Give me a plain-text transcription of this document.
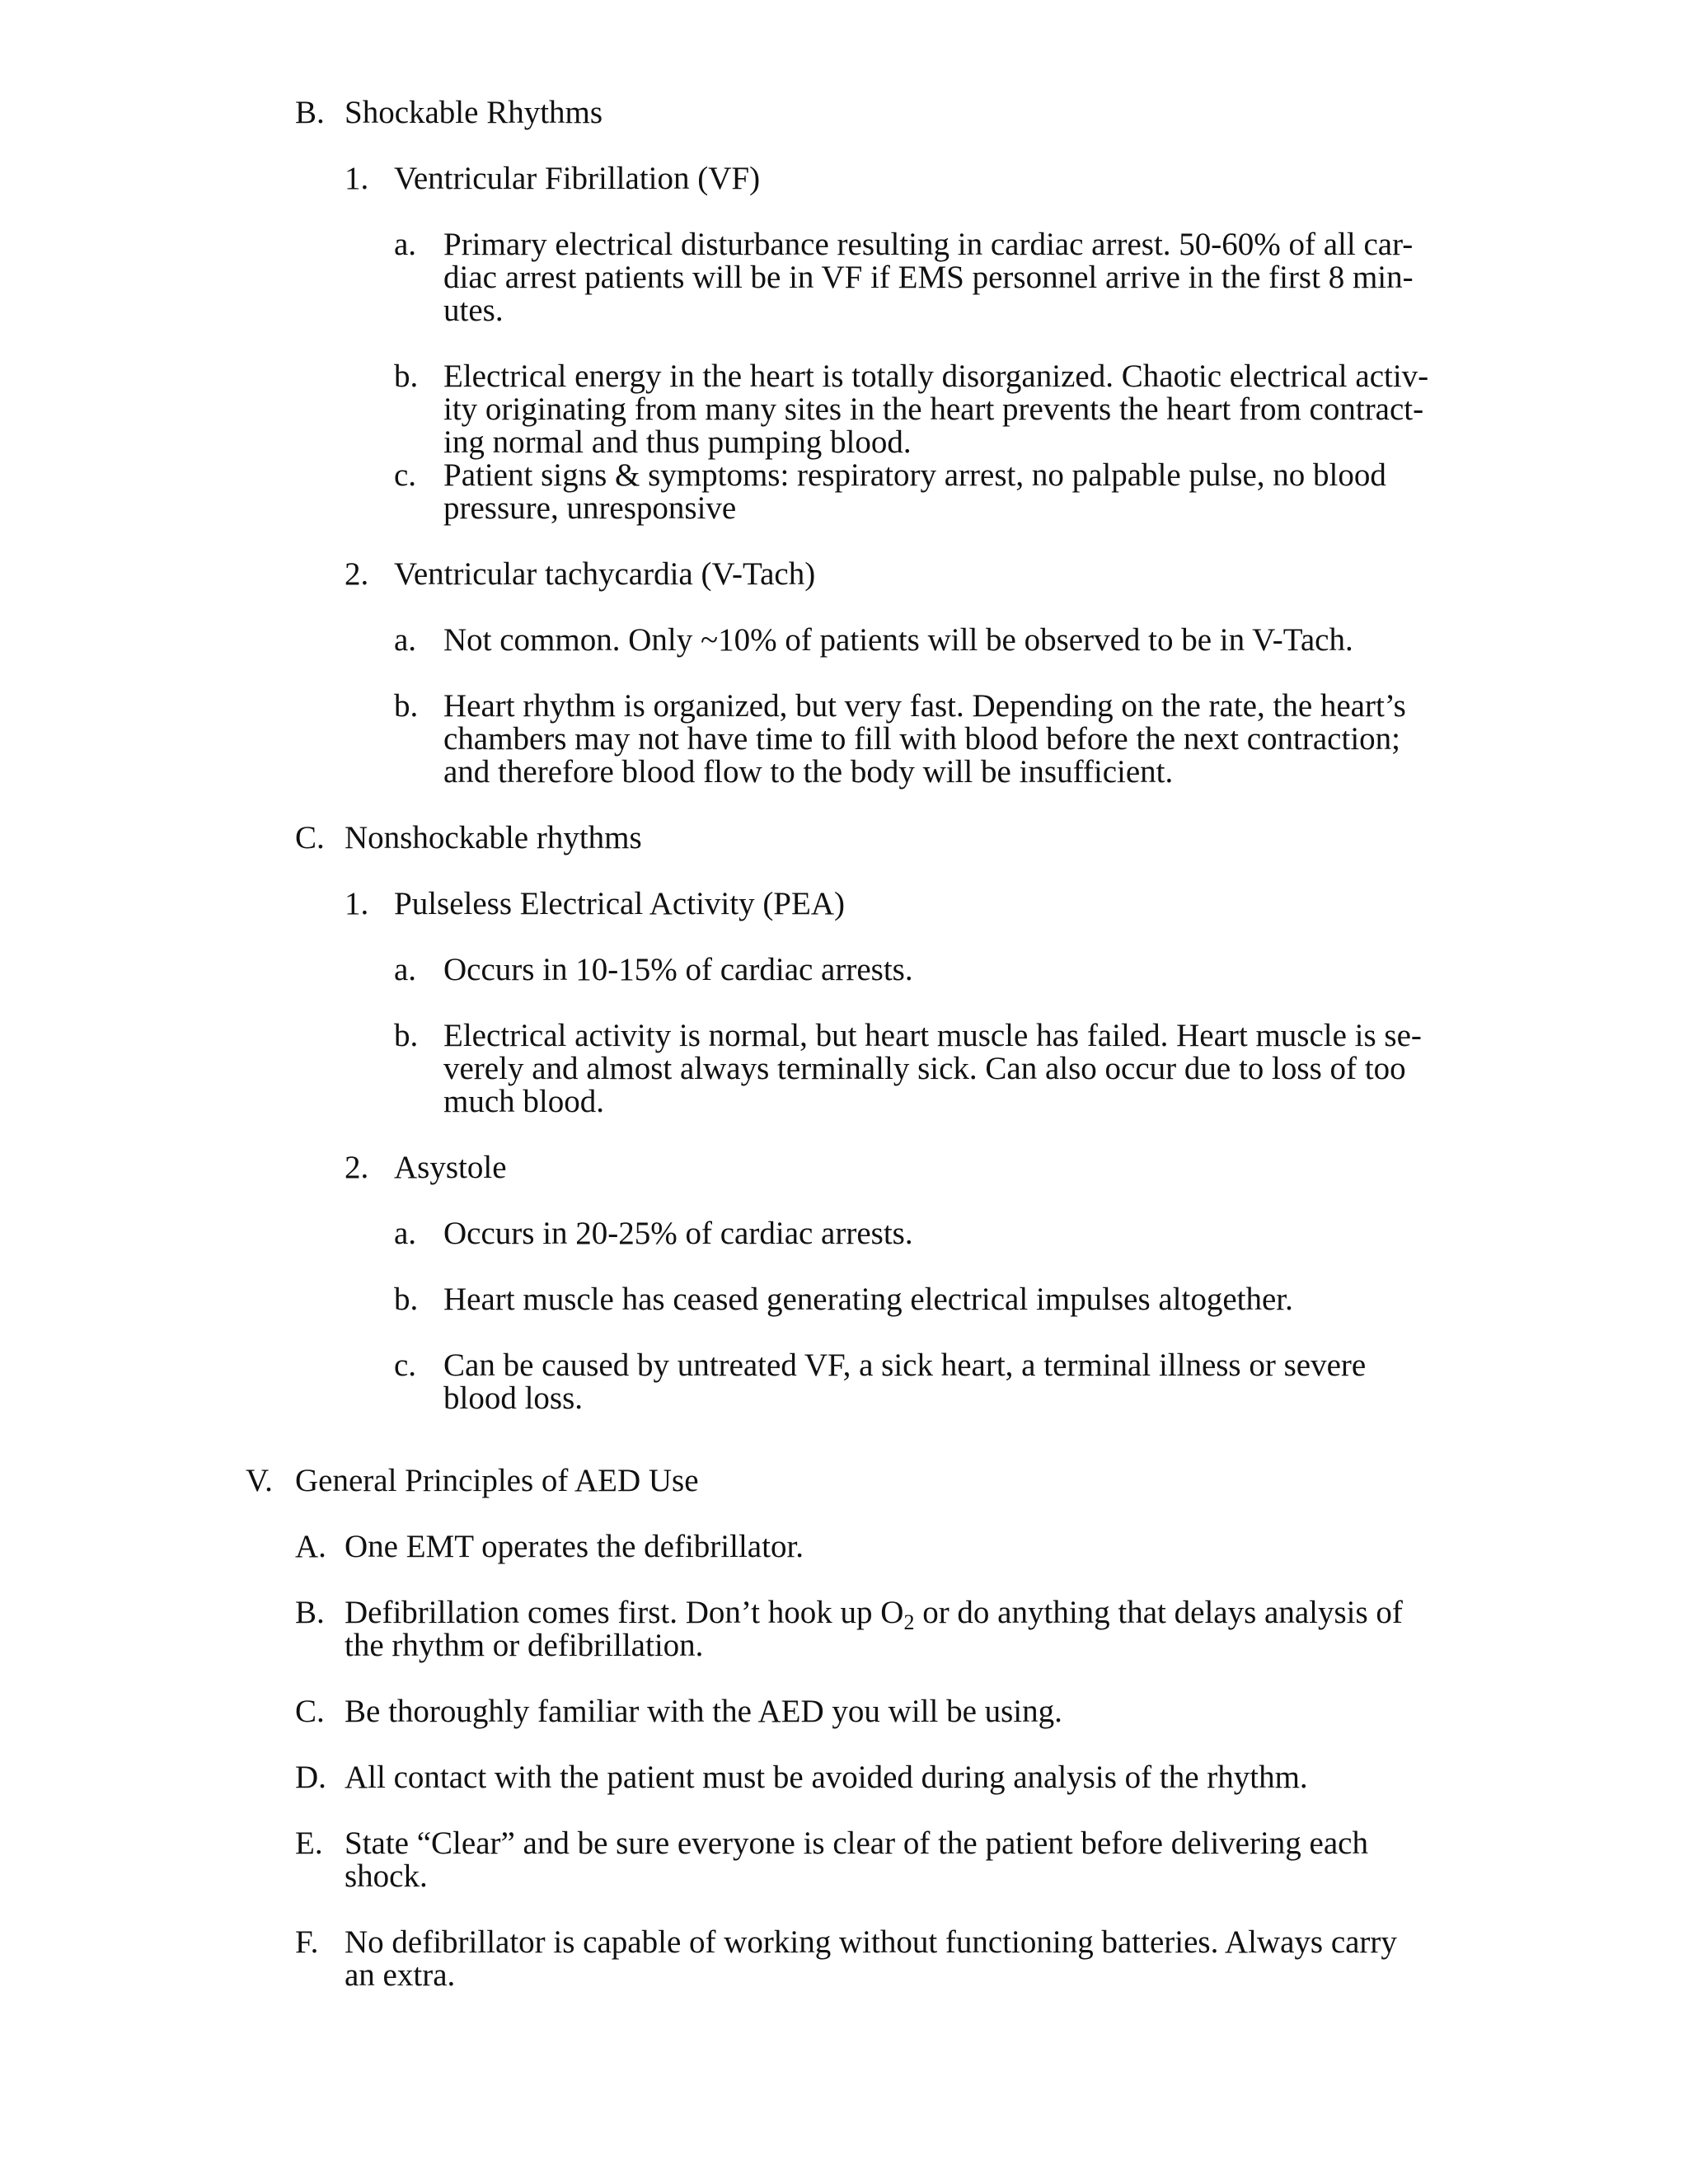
B. Shockable Rhythms
1. Ventricular Fibrillation (VF)
a. Primary electrical disturbance resulting in cardiac arrest. 50-60% of all car-
diac arrest patients will be in VF if EMS personnel arrive in the first 8 min-
utes.
b. Electrical energy in the heart is totally disorganized. Chaotic electrical activ-
ity originating from many sites in the heart prevents the heart from contract-
ing normal and thus pumping blood.
c. Patient signs & symptoms: respiratory arrest, no palpable pulse, no blood
pressure, unresponsive
2. Ventricular tachycardia (V-Tach)
a. Not common. Only ~10% of patients will be observed to be in V-Tach.
b. Heart rhythm is organized, but very fast. Depending on the rate, the heart’s
chambers may not have time to fill with blood before the next contraction;
and therefore blood flow to the body will be insufficient.
C. Nonshockable rhythms
1. Pulseless Electrical Activity (PEA)
a. Occurs in 10-15% of cardiac arrests.
b. Electrical activity is normal, but heart muscle has failed. Heart muscle is se-
verely and almost always terminally sick. Can also occur due to loss of too
much blood.
2. Asystole
a. Occurs in 20-25% of cardiac arrests.
b. Heart muscle has ceased generating electrical impulses altogether.
c. Can be caused by untreated VF, a sick heart, a terminal illness or severe
blood loss.
V. General Principles of AED Use
A. One EMT operates the defibrillator.
B. Defibrillation comes first. Don’t hook up $O_2$ or do anything that delays analysis of
the rhythm or defibrillation.
C. Be thoroughly familiar with the AED you will be using.
D. All contact with the patient must be avoided during analysis of the rhythm.
E. State “Clear” and be sure everyone is clear of the patient before delivering each
shock.
F. No defibrillator is capable of working without functioning batteries. Always carry
an extra.
